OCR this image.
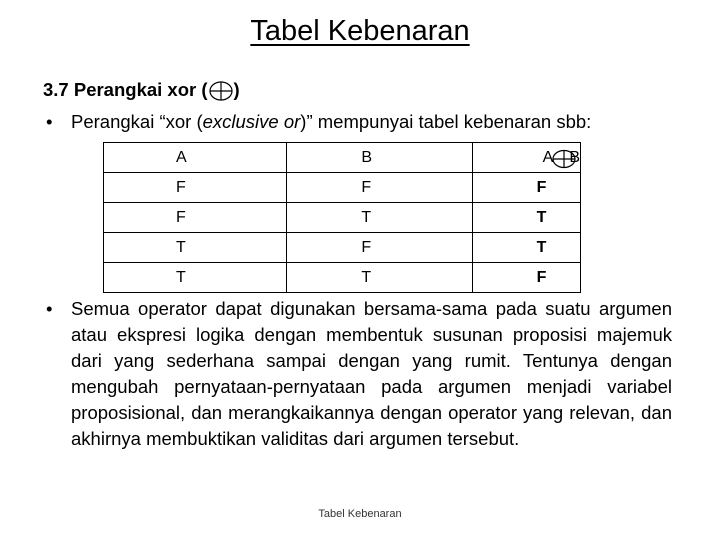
Tabel Kebenaran
3.7 Perangkai xor ( )
• Perangkai “xor (exclusive or)” mempunyai tabel kebenaran sbb:
A	B	A B

F	F	F
F	T	T
T	F	T
T	T	F
•	Semua operator dapat digunakan bersama-sama pada suatu argumen atau ekspresi logika dengan membentuk susunan proposisi majemuk dari yang sederhana sampai dengan yang rumit. Tentunya dengan mengubah pernyataan-pernyataan pada argumen menjadi variabel proposisional, dan merangkaikannya dengan operator yang relevan, dan akhirnya membuktikan validitas dari argumen tersebut.
Tabel Kebenaran
